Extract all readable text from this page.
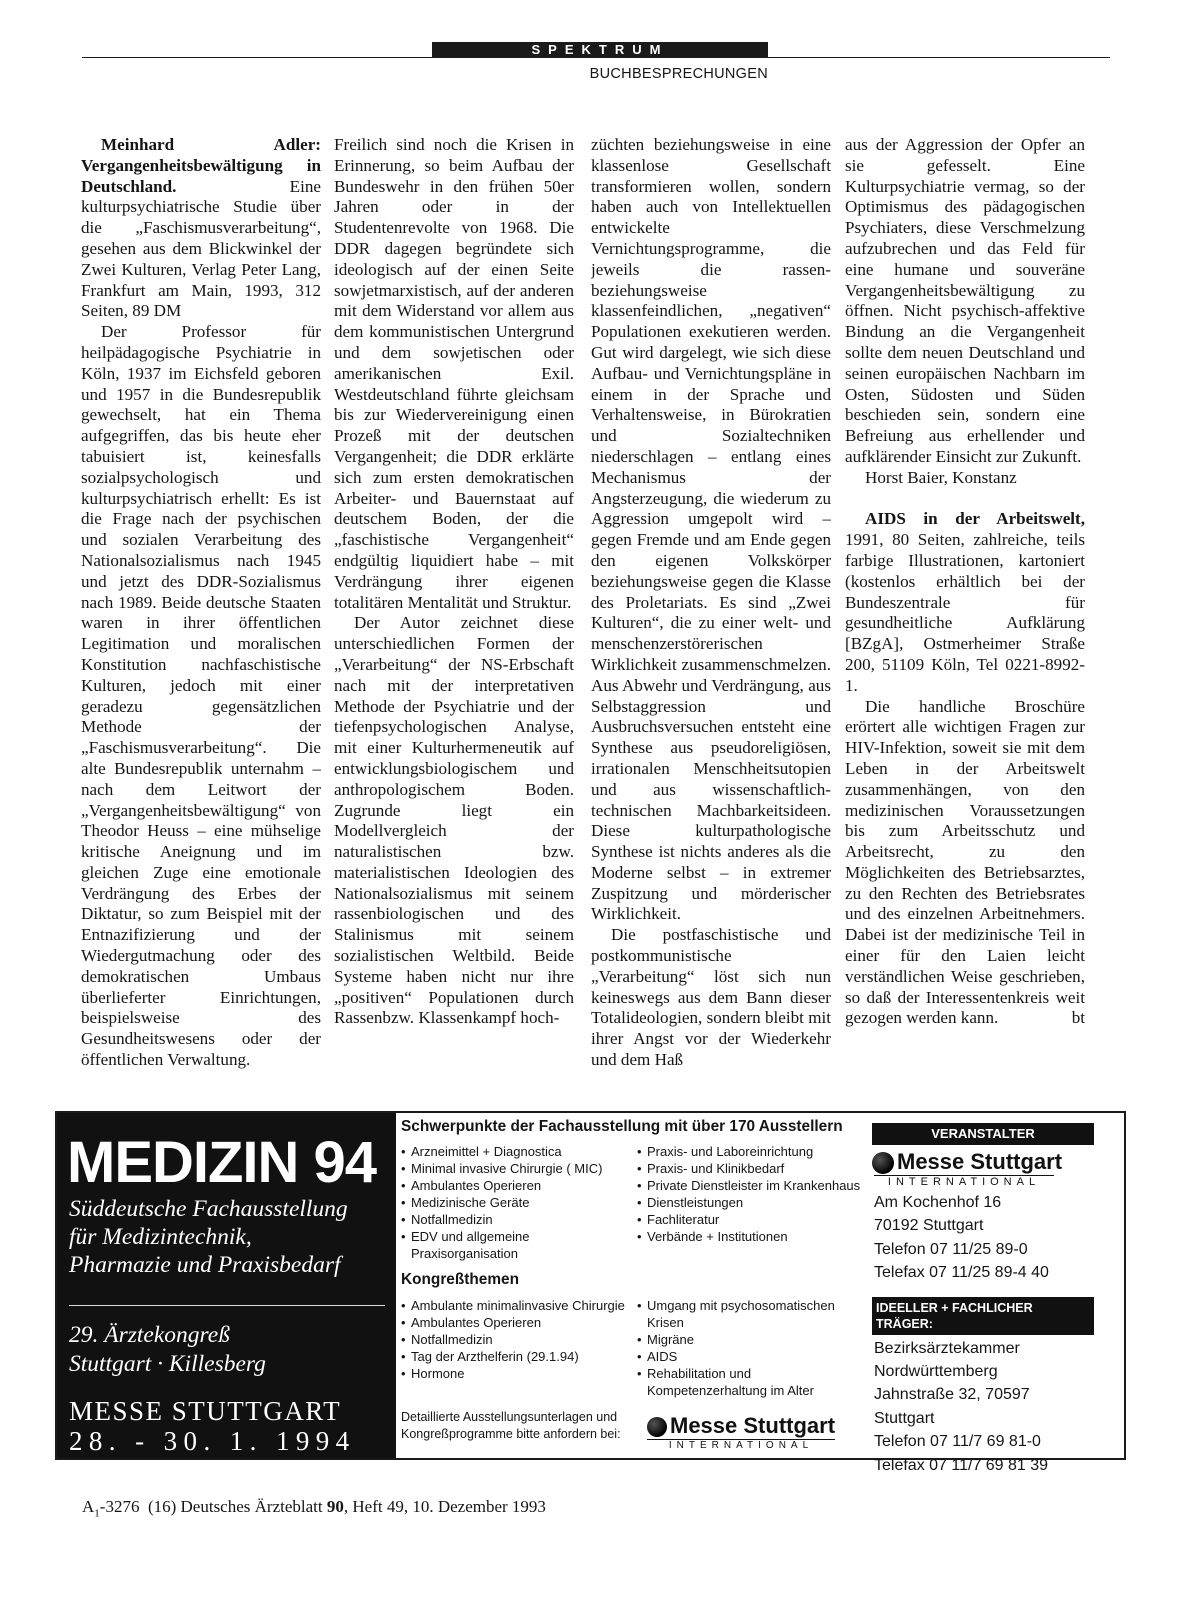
SPEKTRUM
BUCHBESPRECHUNGEN

Meinhard Adler: Vergangenheitsbewältigung in Deutschland. Eine kulturpsychiatrische Studie über die „Faschismusverarbeitung“, gesehen aus dem Blickwinkel der Zwei Kulturen, Verlag Peter Lang, Frankfurt am Main, 1993, 312 Seiten, 89 DM

Der Professor für heilpädagogische Psychiatrie in Köln, 1937 im Eichsfeld geboren und 1957 in die Bundesrepublik gewechselt, hat ein Thema aufgegriffen, das bis heute eher tabuisiert ist, keinesfalls sozialpsychologisch und kulturpsychiatrisch erhellt: Es ist die Frage nach der psychischen und sozialen Verarbeitung des Nationalsozialismus nach 1945 und jetzt des DDR-Sozialismus nach 1989. Beide deutsche Staaten waren in ihrer öffentlichen Legitimation und moralischen Konstitution nachfaschistische Kulturen, jedoch mit einer geradezu gegensätzlichen Methode der „Faschismusverarbeitung“. Die alte Bundesrepublik unternahm – nach dem Leitwort der „Vergangenheitsbewältigung“ von Theodor Heuss – eine mühselige kritische Aneignung und im gleichen Zuge eine emotionale Verdrängung des Erbes der Diktatur, so zum Beispiel mit der Entnazifizierung und der Wiedergutmachung oder des demokratischen Umbaus überlieferter Einrichtungen, beispielsweise des Gesundheitswesens oder der öffentlichen Verwaltung.

Freilich sind noch die Krisen in Erinnerung, so beim Aufbau der Bundeswehr in den frühen 50er Jahren oder in der Studentenrevolte von 1968. Die DDR dagegen begründete sich ideologisch auf der einen Seite sowjetmarxistisch, auf der anderen mit dem Widerstand vor allem aus dem kommunistischen Untergrund und dem sowjetischen oder amerikanischen Exil. Westdeutschland führte gleichsam bis zur Wiedervereinigung einen Prozeß mit der deutschen Vergangenheit; die DDR erklärte sich zum ersten demokratischen Arbeiter- und Bauernstaat auf deutschem Boden, der die „faschistische Vergangenheit“ endgültig liquidiert habe – mit Verdrängung ihrer eigenen totalitären Mentalität und Struktur.

Der Autor zeichnet diese unterschiedlichen Formen der „Verarbeitung“ der NS-Erbschaft nach mit der interpretativen Methode der Psychiatrie und der tiefenpsychologischen Analyse, mit einer Kulturhermeneutik auf entwicklungsbiologischem und anthropologischem Boden. Zugrunde liegt ein Modellvergleich der naturalistischen bzw. materialistischen Ideologien des Nationalsozialismus mit seinem rassenbiologischen und des Stalinismus mit seinem sozialistischen Weltbild. Beide Systeme haben nicht nur ihre „positiven“ Populationen durch Rassenbzw. Klassenkampf hoch-

züchten beziehungsweise in eine klassenlose Gesellschaft transformieren wollen, sondern haben auch von Intellektuellen entwickelte Vernichtungsprogramme, die jeweils die rassen- beziehungsweise klassenfeindlichen, „negativen“ Populationen exekutieren werden. Gut wird dargelegt, wie sich diese Aufbau- und Vernichtungspläne in einem in der Sprache und Verhaltensweise, in Bürokratien und Sozialtechniken niederschlagen – entlang eines Mechanismus der Angsterzeugung, die wiederum zu Aggression umgepolt wird – gegen Fremde und am Ende gegen den eigenen Volkskörper beziehungsweise gegen die Klasse des Proletariats. Es sind „Zwei Kulturen“, die zu einer welt- und menschenzerstörerischen Wirklichkeit zusammenschmelzen. Aus Abwehr und Verdrängung, aus Selbstaggression und Ausbruchsversuchen entsteht eine Synthese aus pseudoreligiösen, irrationalen Menschheitsutopien und aus wissenschaftlich-technischen Machbarkeitsideen. Diese kulturpathologische Synthese ist nichts anderes als die Moderne selbst – in extremer Zuspitzung und mörderischer Wirklichkeit.

Die postfaschistische und postkommunistische „Verarbeitung“ löst sich nun keineswegs aus dem Bann dieser Totalideologien, sondern bleibt mit ihrer Angst vor der Wiederkehr und dem Haß

aus der Aggression der Opfer an sie gefesselt. Eine Kulturpsychiatrie vermag, so der Optimismus des pädagogischen Psychiaters, diese Verschmelzung aufzubrechen und das Feld für eine humane und souveräne Vergangenheitsbewältigung zu öffnen. Nicht psychisch-affektive Bindung an die Vergangenheit sollte dem neuen Deutschland und seinen europäischen Nachbarn im Osten, Südosten und Süden beschieden sein, sondern eine Befreiung aus erhellender und aufklärender Einsicht zur Zukunft.

Horst Baier, Konstanz

AIDS in der Arbeitswelt, 1991, 80 Seiten, zahlreiche, teils farbige Illustrationen, kartoniert (kostenlos erhältlich bei der Bundeszentrale für gesundheitliche Aufklärung [BZgA], Ostmerheimer Straße 200, 51109 Köln, Tel 0221-8992-1.

Die handliche Broschüre erörtert alle wichtigen Fragen zur HIV-Infektion, soweit sie mit dem Leben in der Arbeitswelt zusammenhängen, von den medizinischen Voraussetzungen bis zum Arbeitsschutz und Arbeitsrecht, zu den Möglichkeiten des Betriebsarztes, zu den Rechten des Betriebsrates und des einzelnen Arbeitnehmers. Dabei ist der medizinische Teil in einer für den Laien leicht verständlichen Weise geschrieben, so daß der Interessentenkreis weit gezogen werden kann.	bt

MEDIZIN 94
Süddeutsche Fachausstellung
für Medizintechnik,
Pharmazie und Praxisbedarf
29. Ärztekongreß
Stuttgart · Killesberg
MESSE STUTTGART
28. - 30. 1. 1994
Schwerpunkte der Fachausstellung mit über 170 Ausstellern
• Arzneimittel + Diagnostica
• Minimal invasive Chirurgie ( MIC)
• Ambulantes Operieren
• Medizinische Geräte
• Notfallmedizin
• EDV und allgemeine Praxisorganisation
• Praxis- und Laboreinrichtung
• Praxis- und Klinikbedarf
• Private Dienstleister im Krankenhaus
• Dienstleistungen
• Fachliteratur
• Verbände + Institutionen
Kongreßthemen
• Ambulante minimalinvasive Chirurgie
• Ambulantes Operieren
• Notfallmedizin
• Tag der Arzthelferin (29.1.94)
• Hormone
• Umgang mit psychosomatischen Krisen
• Migräne
• AIDS
• Rehabilitation und Kompetenzerhaltung im Alter
Detaillierte Ausstellungsunterlagen und Kongreßprogramme bitte anfordern bei:	Messe Stuttgart
INTERNATIONAL
VERANSTALTER
Messe Stuttgart
INTERNATIONAL

Am Kochenhof 16

70192 Stuttgart

Telefon 07 11/25 89-0

Telefax 07 11/25 89-4 40

IDEELLER + FACHLICHER TRÄGER:

Bezirksärztekammer

Nordwürttemberg

Jahnstraße 32, 70597 Stuttgart

Telefon 07 11/7 69 81-0

Telefax 07 11/7 69 81 39

$A_1-3276$ (16) Deutsches Ärzteblatt 90, Heft 49, 10. Dezember 1993
